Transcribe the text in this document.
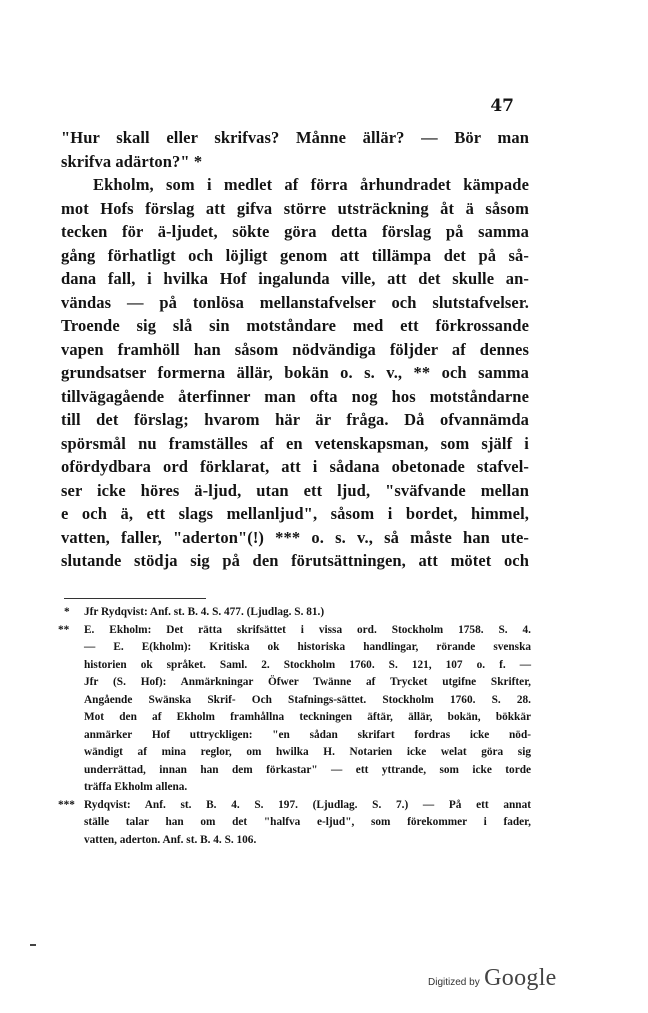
47
"Hur skall eller skrifvas? Månne ällär? — Bör man
skrifva adärton?" *
Ekholm, som i medlet af förra århundradet kämpade
mot Hofs förslag att gifva större utsträckning åt ä såsom
tecken för ä-ljudet, sökte göra detta förslag på samma
gång förhatligt och löjligt genom att tillämpa det på så-
dana fall, i hvilka Hof ingalunda ville, att det skulle an-
vändas — på tonlösa mellanstafvelser och slutstafvelser.
Troende sig slå sin motståndare med ett förkrossande
vapen framhöll han såsom nödvändiga följder af dennes
grundsatser formerna ällär, bokän o. s. v., ** och samma
tillvägagående återfinner man ofta nog hos motståndarne
till det förslag; hvarom här är fråga. Då ofvannämda
spörsmål nu framställes af en vetenskapsman, som själf i
ofördydbara ord förklarat, att i sådana obetonade stafvel-
ser icke höres ä-ljud, utan ett ljud, "sväfvande mellan
e och ä, ett slags mellanljud", såsom i bordet, himmel,
vatten, faller, "aderton"(!) *** o. s. v., så måste han ute-
slutande stödja sig på den förutsättningen, att mötet och
* Jfr Rydqvist: Anf. st. B. 4. S. 477. (Ljudlag. S. 81.)
** E. Ekholm: Det rätta skrifsättet i vissa ord. Stockholm 1758. S. 4.
— E. E(kholm): Kritiska ok historiska handlingar, rörande svenska
historien ok språket. Saml. 2. Stockholm 1760. S. 121, 107 o. f. —
Jfr (S. Hof): Anmärkningar Öfwer Twänne af Trycket utgifne Skrifter,
Angående Swänska Skrif- Och Stafnings-sättet. Stockholm 1760. S. 28.
Mot den af Ekholm framhållna teckningen äftär, ällär, bokän, bökkär
anmärker Hof uttryckligen: "en sådan skrifart fordras icke nöd-
wändigt af mina reglor, om hwilka H. Notarien icke welat göra sig
underrättad, innan han dem förkastar" — ett yttrande, som icke torde
träffa Ekholm allena.
*** Rydqvist: Anf. st. B. 4. S. 197. (Ljudlag. S. 7.) — På ett annat
ställe talar han om det "halfva e-ljud", som förekommer i fader,
vatten, aderton. Anf. st. B. 4. S. 106.
Digitized by Google
